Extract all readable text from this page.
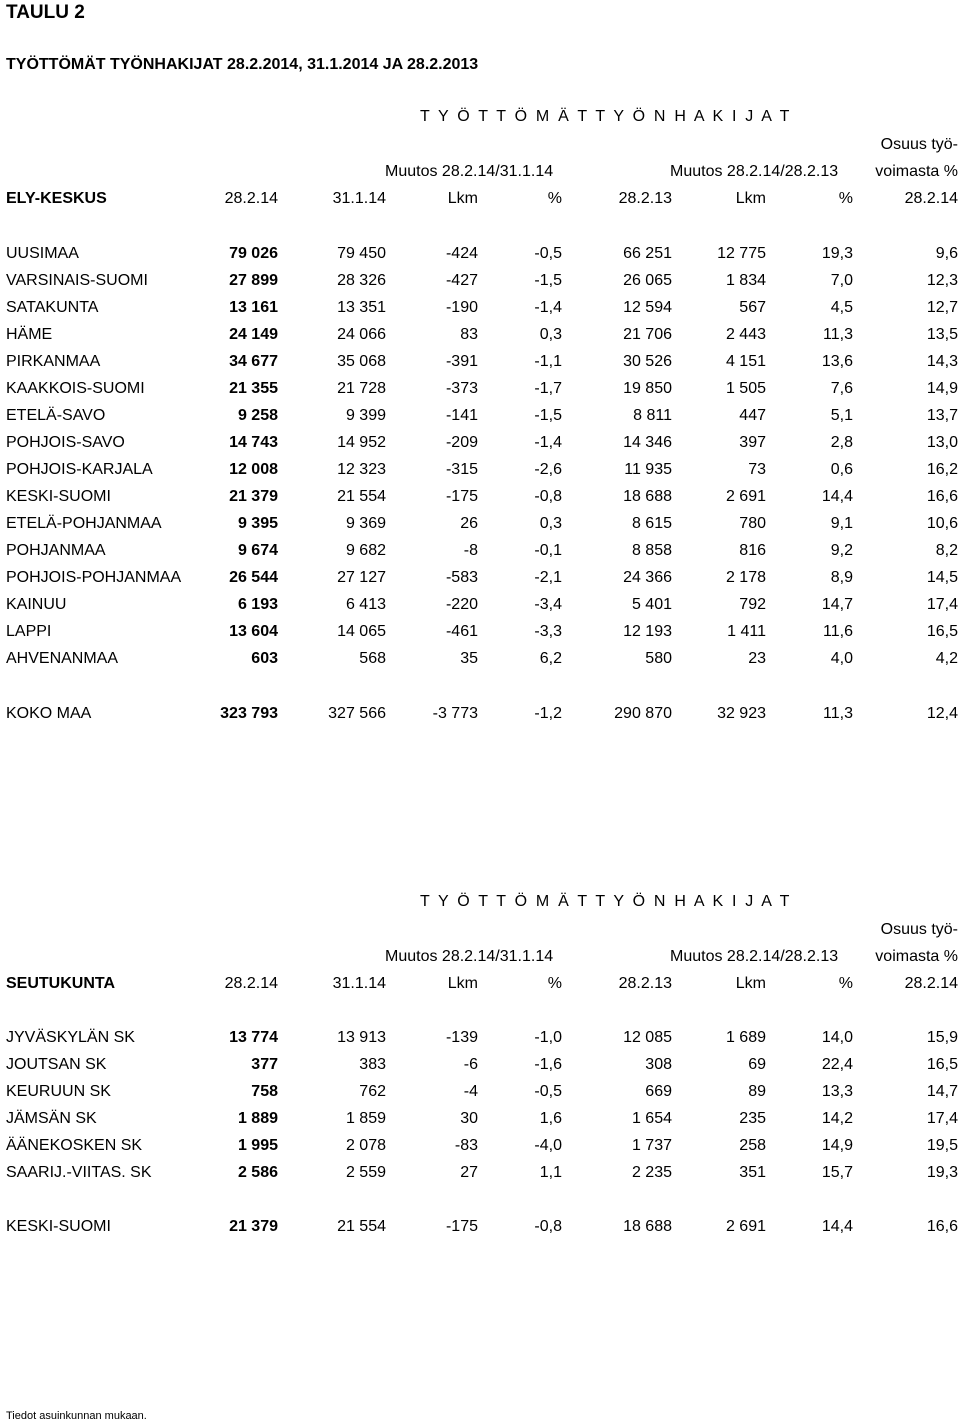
TAULU 2
TYÖTTÖMÄT TYÖNHAKIJAT 28.2.2014, 31.1.2014 JA 28.2.2013
T Y Ö T T Ö M Ä T T Y Ö N H A K I J A T
Osuus työ-
Muutos 28.2.14/31.1.14	Muutos 28.2.14/28.2.13 voimasta %
ELY-KESKUS	28.2.14	31.1.14	Lkm	%	28.2.13	Lkm	%	28.2.14
UUSIMAA	79 026	79 450	-424	-0,5	66 251	12 775	19,3	9,6
VARSINAIS-SUOMI	27 899	28 326	-427	-1,5	26 065	1 834	7,0	12,3
SATAKUNTA	13 161	13 351	-190	-1,4	12 594	567	4,5	12,7
HÄME	24 149	24 066	83	0,3	21 706	2 443	11,3	13,5
PIRKANMAA	34 677	35 068	-391	-1,1	30 526	4 151	13,6	14,3
KAAKKOIS-SUOMI	21 355	21 728	-373	-1,7	19 850	1 505	7,6	14,9
ETELÄ-SAVO	9 258	9 399	-141	-1,5	8 811	447	5,1	13,7
POHJOIS-SAVO	14 743	14 952	-209	-1,4	14 346	397	2,8	13,0
POHJOIS-KARJALA	12 008	12 323	-315	-2,6	11 935	73	0,6	16,2
KESKI-SUOMI	21 379	21 554	-175	-0,8	18 688	2 691	14,4	16,6
ETELÄ-POHJANMAA	9 395	9 369	26	0,3	8 615	780	9,1	10,6
POHJANMAA	9 674	9 682	-8	-0,1	8 858	816	9,2	8,2
POHJOIS-POHJANMAA	26 544	27 127	-583	-2,1	24 366	2 178	8,9	14,5
KAINUU	6 193	6 413	-220	-3,4	5 401	792	14,7	17,4
LAPPI	13 604	14 065	-461	-3,3	12 193	1 411	11,6	16,5
AHVENANMAA	603	568	35	6,2	580	23	4,0	4,2
KOKO MAA	323 793	327 566	-3 773	-1,2	290 870	32 923	11,3	12,4
T Y Ö T T Ö M Ä T T Y Ö N H A K I J A T
Osuus työ-
Muutos 28.2.14/31.1.14	Muutos 28.2.14/28.2.13 voimasta %
SEUTUKUNTA	28.2.14	31.1.14	Lkm	%	28.2.13	Lkm	%	28.2.14
JYVÄSKYLÄN SK	13 774	13 913	-139	-1,0	12 085	1 689	14,0	15,9
JOUTSAN SK	377	383	-6	-1,6	308	69	22,4	16,5
KEURUUN SK	758	762	-4	-0,5	669	89	13,3	14,7
JÄMSÄN SK	1 889	1 859	30	1,6	1 654	235	14,2	17,4
ÄÄNEKOSKEN SK	1 995	2 078	-83	-4,0	1 737	258	14,9	19,5
SAARIJ.-VIITAS. SK	2 586	2 559	27	1,1	2 235	351	15,7	19,3
KESKI-SUOMI	21 379	21 554	-175	-0,8	18 688	2 691	14,4	16,6
Tiedot asuinkunnan mukaan.
